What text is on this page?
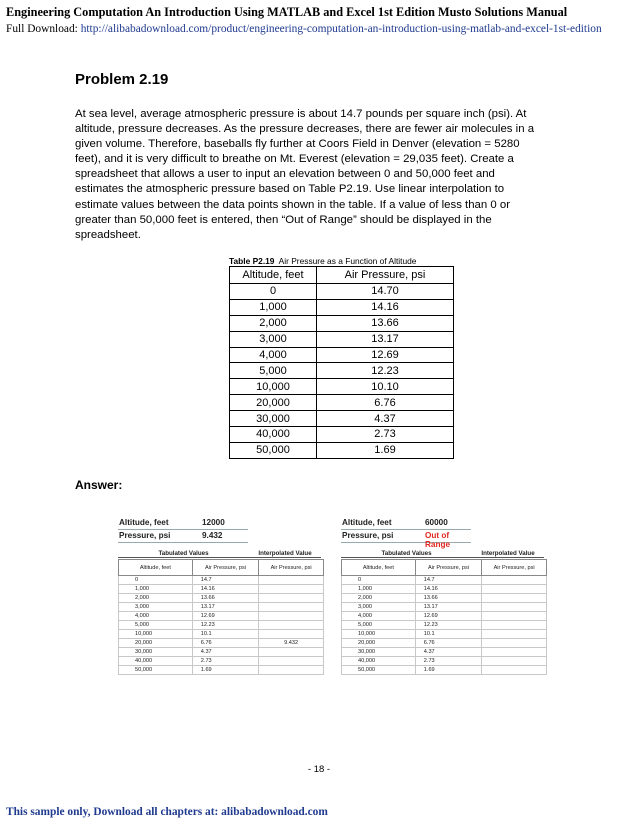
Engineering Computation An Introduction Using MATLAB and Excel 1st Edition Musto Solutions Manual
Full Download: http://alibabadownload.com/product/engineering-computation-an-introduction-using-matlab-and-excel-1st-edition
Problem 2.19
At sea level, average atmospheric pressure is about 14.7 pounds per square inch (psi). At
altitude, pressure decreases. As the pressure decreases, there are fewer air molecules in a
given volume. Therefore, baseballs fly further at Coors Field in Denver (elevation = 5280
feet), and it is very difficult to breathe on Mt. Everest (elevation = 29,035 feet). Create a
spreadsheet that allows a user to input an elevation between 0 and 50,000 feet and
estimates the atmospheric pressure based on Table P2.19. Use linear interpolation to
estimate values between the data points shown in the table. If a value of less than 0 or
greater than 50,000 feet is entered, then “Out of Range” should be displayed in the
spreadsheet.
Table P2.19  Air Pressure as a Function of Altitude
Altitude, feet	Air Pressure, psi
0	14.70
1,000	14.16
2,000	13.66
3,000	13.17
4,000	12.69
5,000	12.23
10,000	10.10
20,000	6.76
30,000	4.37
40,000	2.73
50,000	1.69
Answer:
Altitude, feet	12000
Pressure, psi	9.432
Tabulated Values	Interpolated Value
Altitude, feet	Air Pressure, psi	Air Pressure, psi
0	14.7	
1,000	14.16	
2,000	13.66	
3,000	13.17	
4,000	12.69	
5,000	12.23	
10,000	10.1	
20,000	6.76	9.432
30,000	4.37	
40,000	2.73	
50,000	1.69	
Altitude, feet	60000
Pressure, psi	Out of Range
Tabulated Values	Interpolated Value
Altitude, feet	Air Pressure, psi	Air Pressure, psi
0	14.7	
1,000	14.16	
2,000	13.66	
3,000	13.17	
4,000	12.69	
5,000	12.23	
10,000	10.1	
20,000	6.76	
30,000	4.37	
40,000	2.73	
50,000	1.69	
- 18 -
This sample only, Download all chapters at: alibabadownload.com
